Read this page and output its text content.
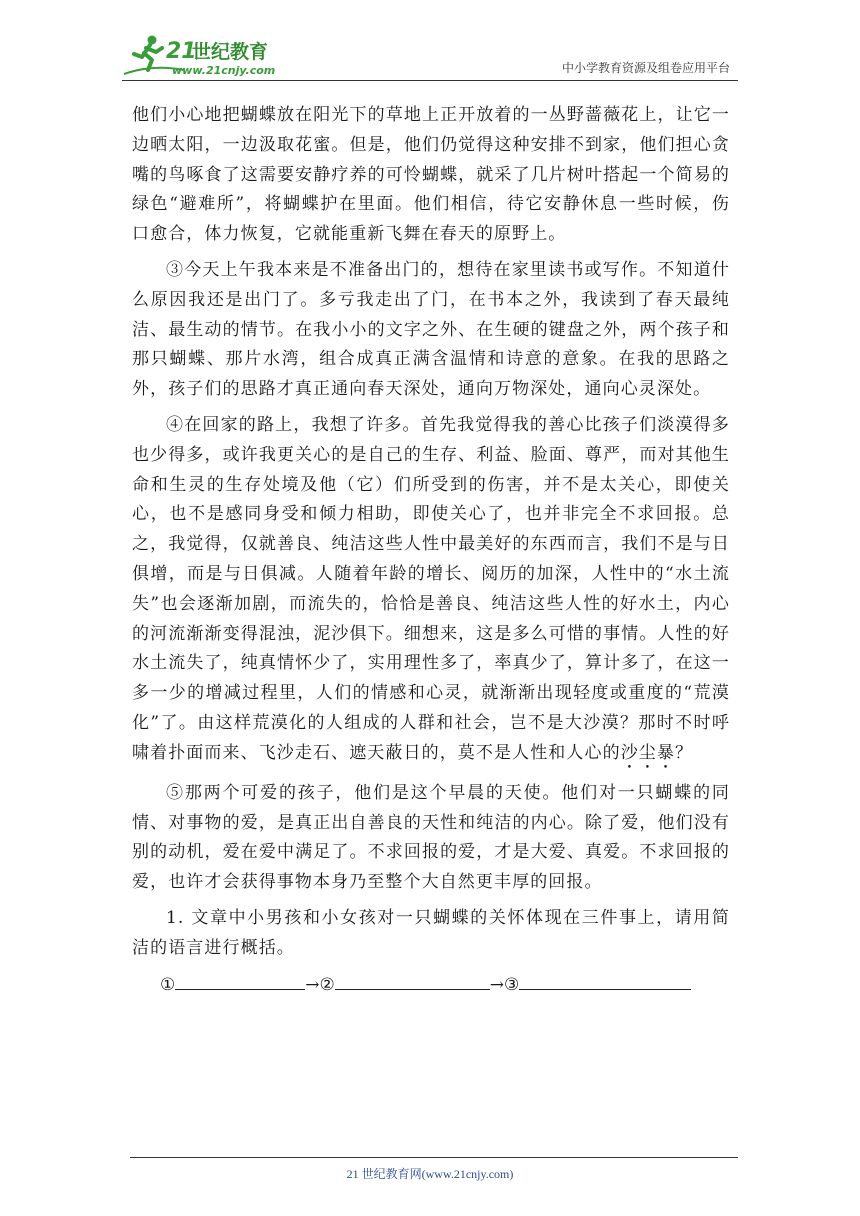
21
世纪教育
www.21cnjy.com	中小学教育资源及组卷应用平台

他们小心地把蝴蝶放在阳光下的草地上正开放着的一丛野蔷薇花上，让它一边晒太阳，一边汲取花蜜。但是，他们仍觉得这种安排不到家，他们担心贪嘴的鸟啄食了这需要安静疗养的可怜蝴蝶，就采了几片树叶搭起一个简易的绿色“避难所”，将蝴蝶护在里面。他们相信，待它安静休息一些时候，伤口愈合，体力恢复，它就能重新飞舞在春天的原野上。

③今天上午我本来是不准备出门的，想待在家里读书或写作。不知道什么原因我还是出门了。多亏我走出了门，在书本之外，我读到了春天最纯洁、最生动的情节。在我小小的文字之外、在生硬的键盘之外，两个孩子和那只蝴蝶、那片水湾，组合成真正满含温情和诗意的意象。在我的思路之外，孩子们的思路才真正通向春天深处，通向万物深处，通向心灵深处。

④在回家的路上，我想了许多。首先我觉得我的善心比孩子们淡漠得多也少得多，或许我更关心的是自己的生存、利益、脸面、尊严，而对其他生命和生灵的生存处境及他（它）们所受到的伤害，并不是太关心，即使关心，也不是感同身受和倾力相助，即使关心了，也并非完全不求回报。总之，我觉得，仅就善良、纯洁这些人性中最美好的东西而言，我们不是与日俱增，而是与日俱减。人随着年龄的增长、阅历的加深，人性中的“水土流失”也会逐渐加剧，而流失的，恰恰是善良、纯洁这些人性的好水土，内心的河流渐渐变得混浊，泥沙俱下。细想来，这是多么可惜的事情。人性的好水土流失了，纯真情怀少了，实用理性多了，率真少了，算计多了，在这一多一少的增减过程里，人们的情感和心灵，就渐渐出现轻度或重度的“荒漠化”了。由这样荒漠化的人组成的人群和社会，岂不是大沙漠？那时不时呼啸着扑面而来、飞沙走石、遮天蔽日的，莫不是人性和人心的沙尘暴？

⑤那两个可爱的孩子，他们是这个早晨的天使。他们对一只蝴蝶的同情、对事物的爱，是真正出自善良的天性和纯洁的内心。除了爱，他们没有别的动机，爱在爱中满足了。不求回报的爱，才是大爱、真爱。不求回报的爱，也许才会获得事物本身乃至整个大自然更丰厚的回报。

1. 文章中小男孩和小女孩对一只蝴蝶的关怀体现在三件事上，请用简洁的语言进行概括。

①	→②	→③
21 世纪教育网(www.21cnjy.com)
